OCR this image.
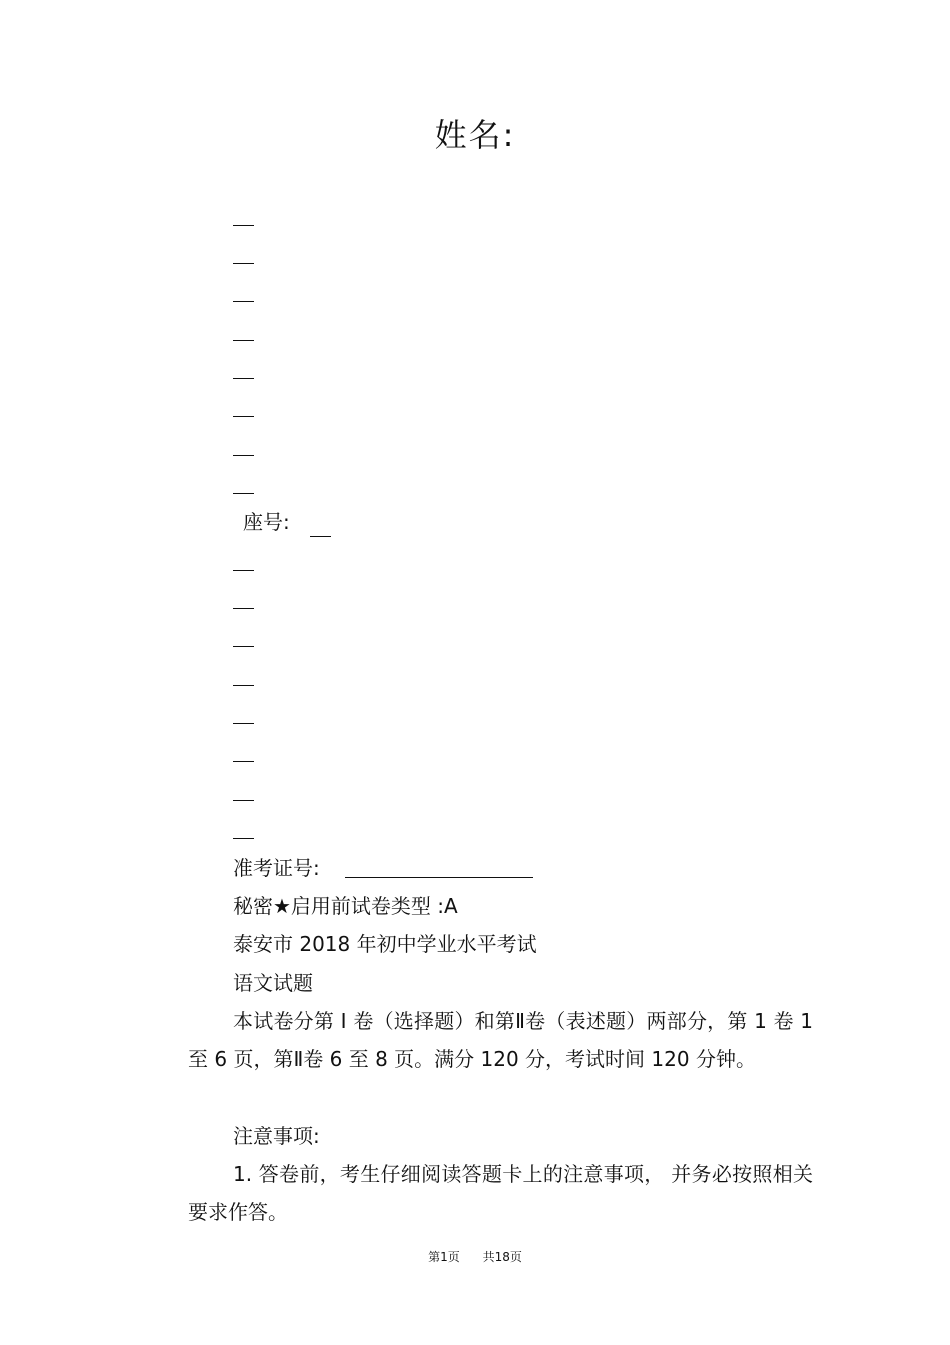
姓名:
座号:
准考证号:
秘密★启用前试卷类型 :A
泰安市 2018 年初中学业水平考试
语文试题
本试卷分第 Ⅰ 卷（选择题）和第Ⅱ卷（表述题）两部分，第 1 卷 1 至 6 页，第Ⅱ卷 6 至 8 页。满分 120 分，考试时间 120 分钟。
注意事项:
1. 答卷前，考生仔细阅读答题卡上的注意事项， 并务必按照相关要求作答。
第1页      共18页
